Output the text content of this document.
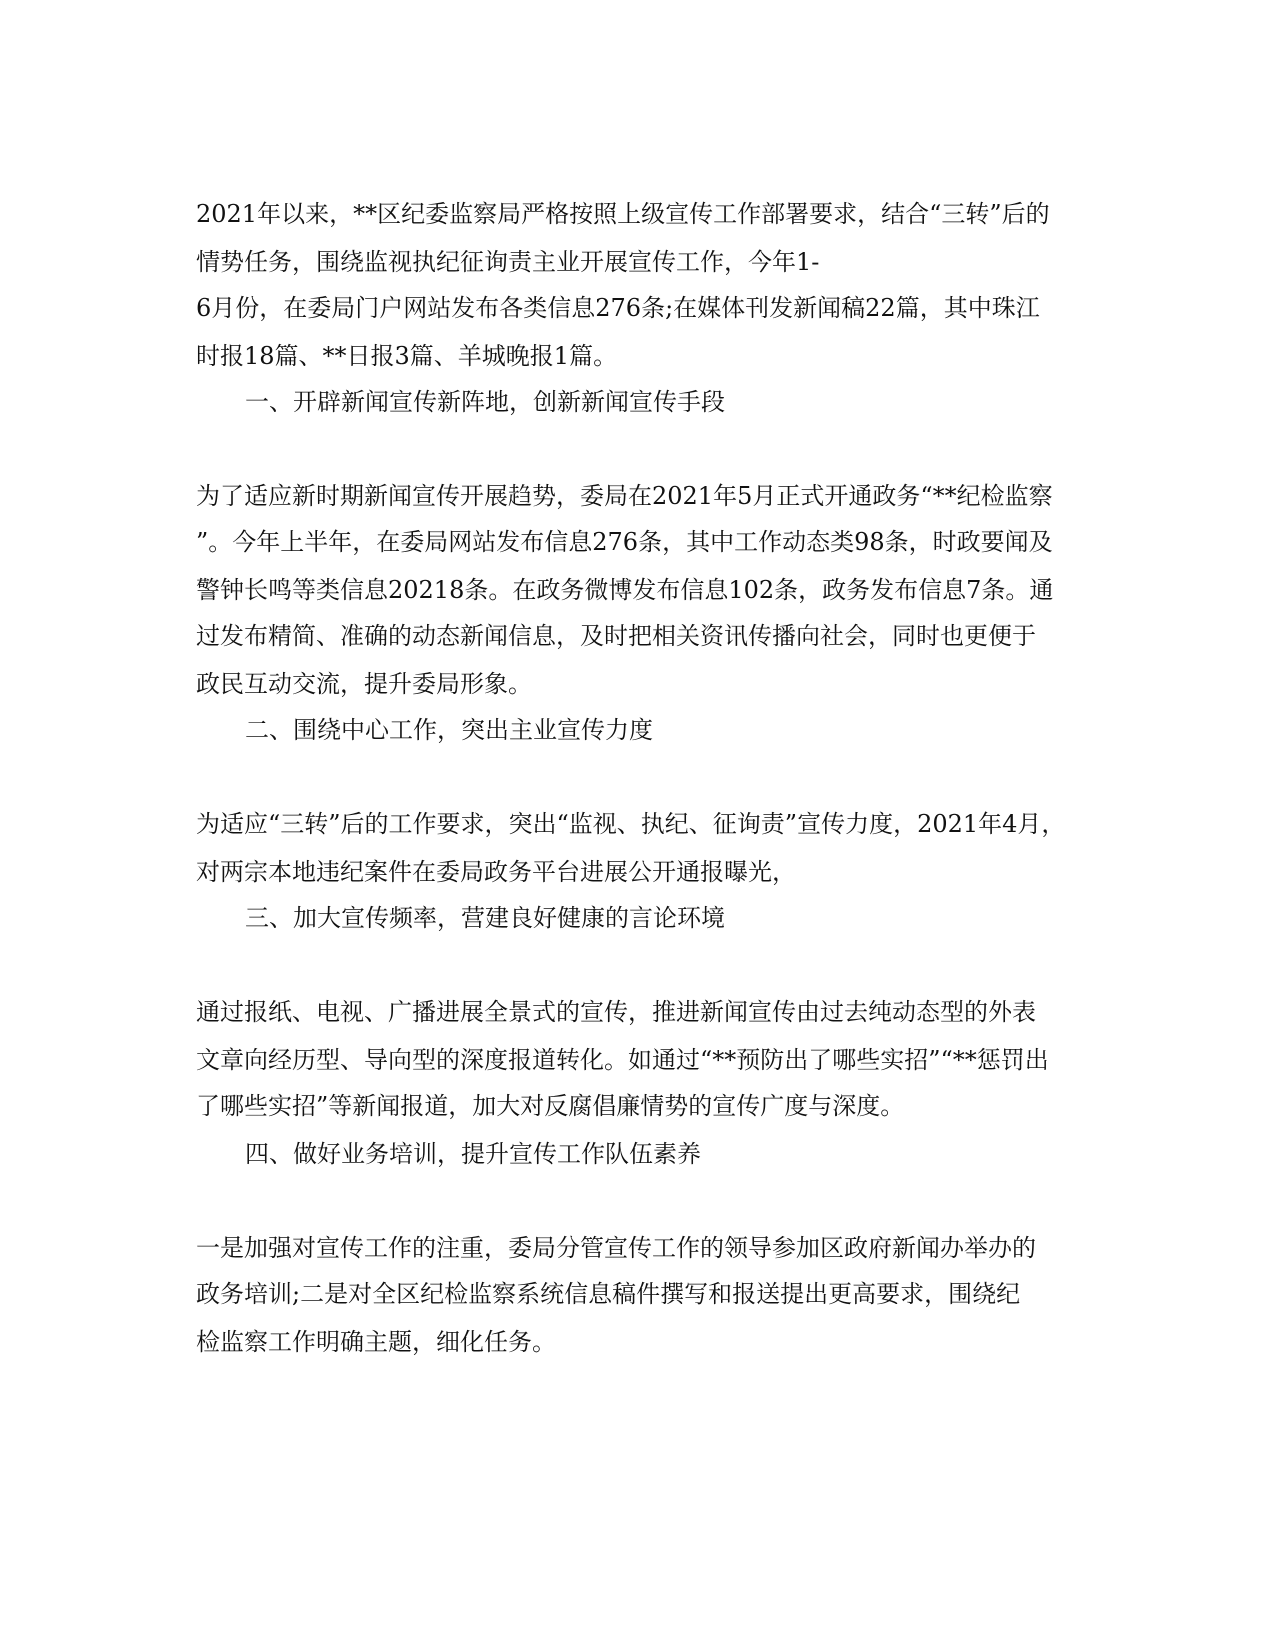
2021年以来，**区纪委监察局严格按照上级宣传工作部署要求，结合“三转”后的
情势任务，围绕监视执纪征询责主业开展宣传工作，今年1-
6月份，在委局门户网站发布各类信息276条;在媒体刊发新闻稿22篇，其中珠江
时报18篇、**日报3篇、羊城晚报1篇。
一、开辟新闻宣传新阵地，创新新闻宣传手段
为了适应新时期新闻宣传开展趋势，委局在2021年5月正式开通政务“**纪检监察
”。今年上半年，在委局网站发布信息276条，其中工作动态类98条，时政要闻及
警钟长鸣等类信息20218条。在政务微博发布信息102条，政务发布信息7条。通
过发布精简、准确的动态新闻信息，及时把相关资讯传播向社会，同时也更便于
政民互动交流，提升委局形象。
二、围绕中心工作，突出主业宣传力度
为适应“三转”后的工作要求，突出“监视、执纪、征询责”宣传力度，2021年4月，
对两宗本地违纪案件在委局政务平台进展公开通报曝光，
三、加大宣传频率，营建良好健康的言论环境
通过报纸、电视、广播进展全景式的宣传，推进新闻宣传由过去纯动态型的外表
文章向经历型、导向型的深度报道转化。如通过“**预防出了哪些实招”“**惩罚出
了哪些实招”等新闻报道，加大对反腐倡廉情势的宣传广度与深度。
四、做好业务培训，提升宣传工作队伍素养
一是加强对宣传工作的注重，委局分管宣传工作的领导参加区政府新闻办举办的
政务培训;二是对全区纪检监察系统信息稿件撰写和报送提出更高要求，围绕纪
检监察工作明确主题，细化任务。
